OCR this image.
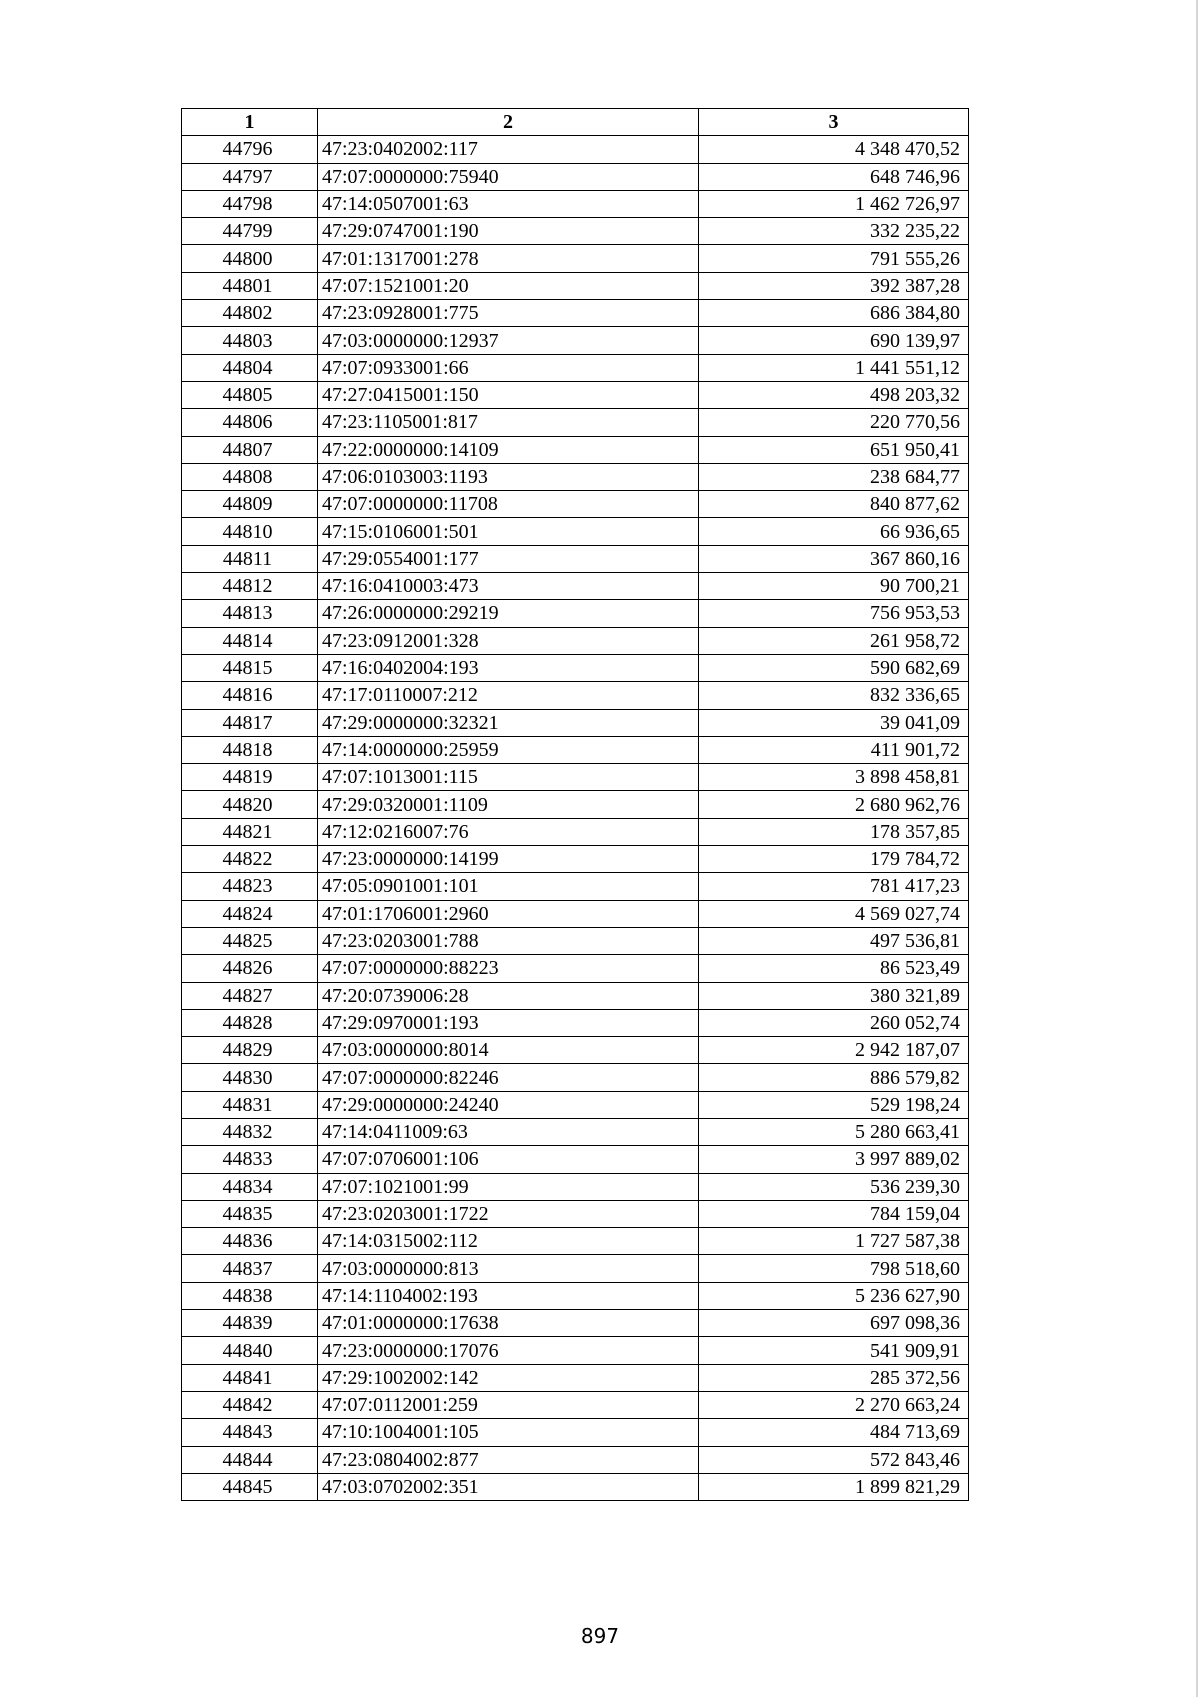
1	2	3
44796	47:23:0402002:117	4 348 470,52
44797	47:07:0000000:75940	648 746,96
44798	47:14:0507001:63	1 462 726,97
44799	47:29:0747001:190	332 235,22
44800	47:01:1317001:278	791 555,26
44801	47:07:1521001:20	392 387,28
44802	47:23:0928001:775	686 384,80
44803	47:03:0000000:12937	690 139,97
44804	47:07:0933001:66	1 441 551,12
44805	47:27:0415001:150	498 203,32
44806	47:23:1105001:817	220 770,56
44807	47:22:0000000:14109	651 950,41
44808	47:06:0103003:1193	238 684,77
44809	47:07:0000000:11708	840 877,62
44810	47:15:0106001:501	66 936,65
44811	47:29:0554001:177	367 860,16
44812	47:16:0410003:473	90 700,21
44813	47:26:0000000:29219	756 953,53
44814	47:23:0912001:328	261 958,72
44815	47:16:0402004:193	590 682,69
44816	47:17:0110007:212	832 336,65
44817	47:29:0000000:32321	39 041,09
44818	47:14:0000000:25959	411 901,72
44819	47:07:1013001:115	3 898 458,81
44820	47:29:0320001:1109	2 680 962,76
44821	47:12:0216007:76	178 357,85
44822	47:23:0000000:14199	179 784,72
44823	47:05:0901001:101	781 417,23
44824	47:01:1706001:2960	4 569 027,74
44825	47:23:0203001:788	497 536,81
44826	47:07:0000000:88223	86 523,49
44827	47:20:0739006:28	380 321,89
44828	47:29:0970001:193	260 052,74
44829	47:03:0000000:8014	2 942 187,07
44830	47:07:0000000:82246	886 579,82
44831	47:29:0000000:24240	529 198,24
44832	47:14:0411009:63	5 280 663,41
44833	47:07:0706001:106	3 997 889,02
44834	47:07:1021001:99	536 239,30
44835	47:23:0203001:1722	784 159,04
44836	47:14:0315002:112	1 727 587,38
44837	47:03:0000000:813	798 518,60
44838	47:14:1104002:193	5 236 627,90
44839	47:01:0000000:17638	697 098,36
44840	47:23:0000000:17076	541 909,91
44841	47:29:1002002:142	285 372,56
44842	47:07:0112001:259	2 270 663,24
44843	47:10:1004001:105	484 713,69
44844	47:23:0804002:877	572 843,46
44845	47:03:0702002:351	1 899 821,29
897
